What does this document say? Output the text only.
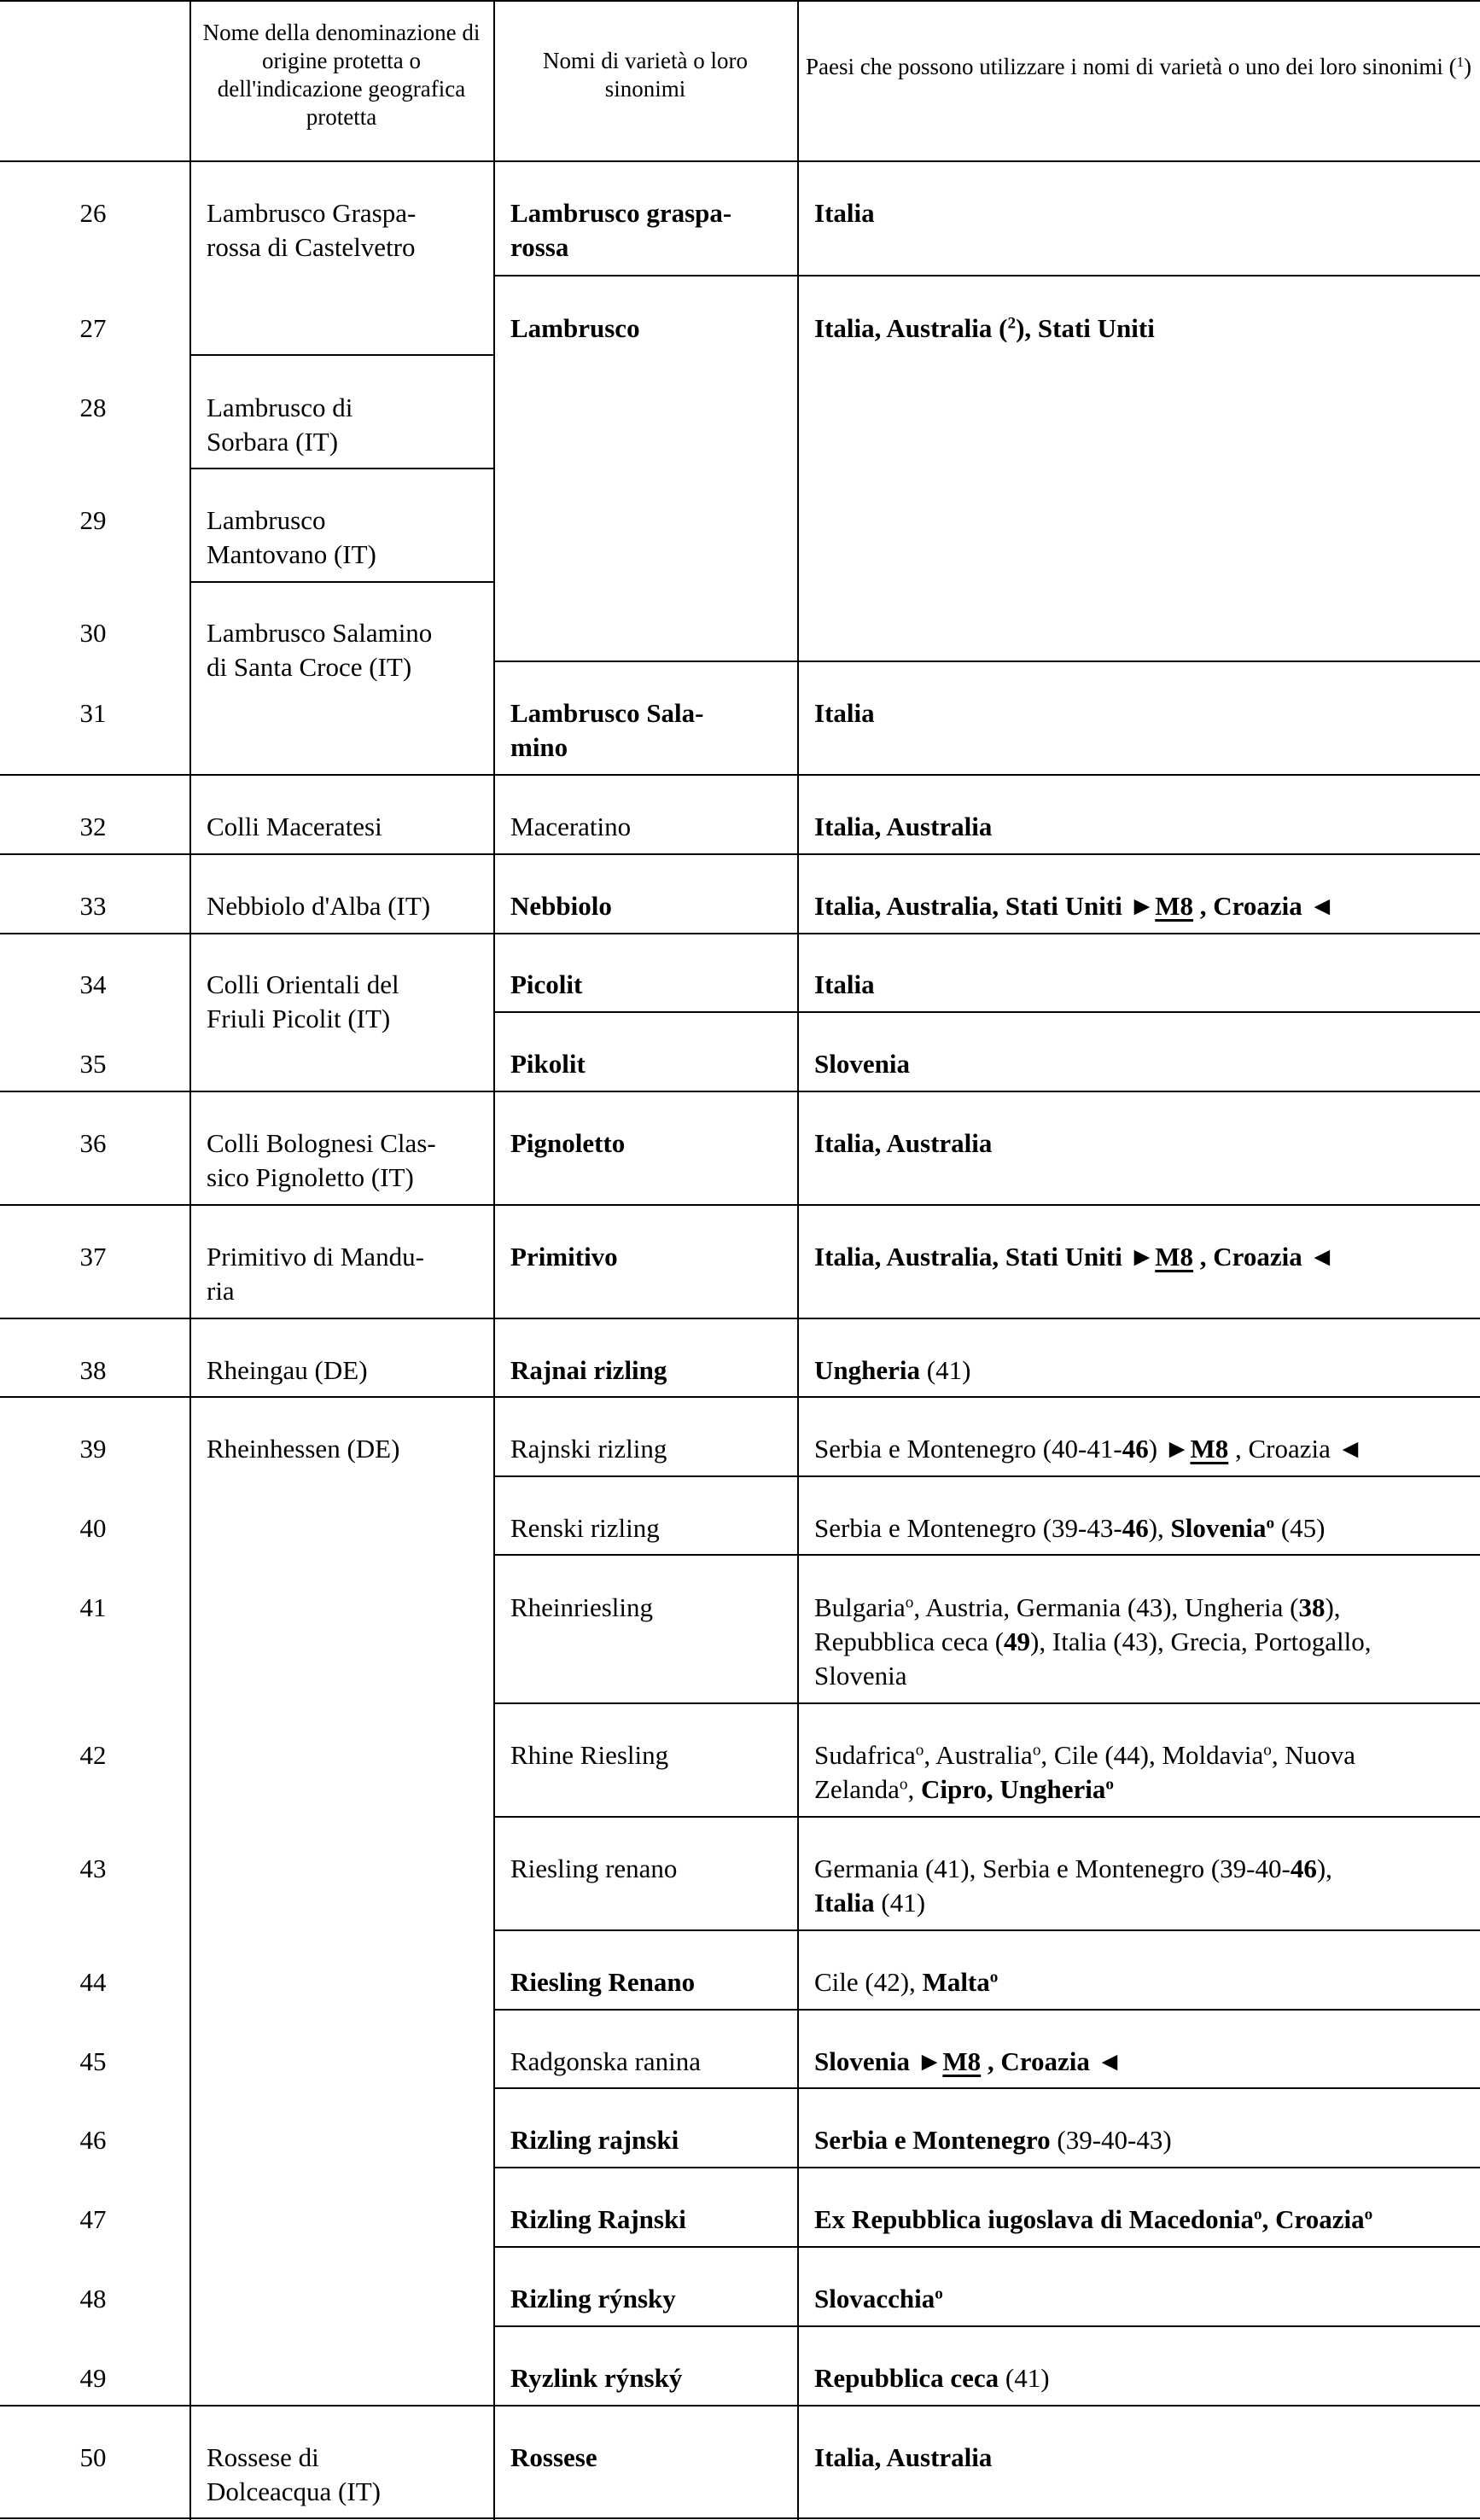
Nome della denominazione di origine protetta o dell'indicazione geografica protetta
Nomi di varietà o loro sinonimi
Paesi che possono utilizzare i nomi di varietà o uno dei loro sinonimi ($^1$)
26
27
28
29
30
31
32
33
34
35
36
37
38
39
40
41
42
43
44
45
46
47
48
49
50
Lambrusco Graspa-
rossa di Castelvetro
Lambrusco di
Sorbara (IT)
Lambrusco
Mantovano (IT)
Lambrusco Salamino
di Santa Croce (IT)
Colli Maceratesi
Nebbiolo d'Alba (IT)
Colli Orientali del
Friuli Picolit (IT)
Colli Bolognesi Clas-
sico Pignoletto (IT)
Primitivo di Mandu-
ria
Rheingau (DE)
Rheinhessen (DE)
Rossese di
Dolceacqua (IT)
Lambrusco graspa-
rossa
Lambrusco
Lambrusco Sala-
mino
Maceratino
Nebbiolo
Picolit
Pikolit
Pignoletto
Primitivo
Rajnai rizling
Rajnski rizling
Renski rizling
Rheinriesling
Rhine Riesling
Riesling renano
Riesling Renano
Radgonska ranina
Rizling rajnski
Rizling Rajnski
Rizling rýnsky
Ryzlink rýnský
Rossese
Italia
Italia, Australia ($^2$), Stati Uniti
Italia
Italia, Australia
Italia, Australia, Stati Uniti ►M8 , Croazia ◄
Italia
Slovenia
Italia, Australia
Italia, Australia, Stati Uniti ►M8 , Croazia ◄
Ungheria (41)
Serbia e Montenegro (40-41-46) ►M8 , Croazia ◄
Serbia e Montenegro (39-43-46), Slovenia$^o$ (45)
Bulgaria$^o$, Austria, Germania (43), Ungheria (38),
Repubblica ceca (49), Italia (43), Grecia, Portogallo,
Slovenia
Sudafrica$^o$, Australia$^o$, Cile (44), Moldavia$^o$, Nuova
Zelanda$^o$, Cipro, Ungheria$^o$
Germania (41), Serbia e Montenegro (39-40-46),
Italia (41)
Cile (42), Malta$^o$
Slovenia ►M8 , Croazia ◄
Serbia e Montenegro (39-40-43)
Ex Repubblica iugoslava di Macedonia$^o$, Croazia$^o$
Slovacchia$^o$
Repubblica ceca (41)
Italia, Australia
